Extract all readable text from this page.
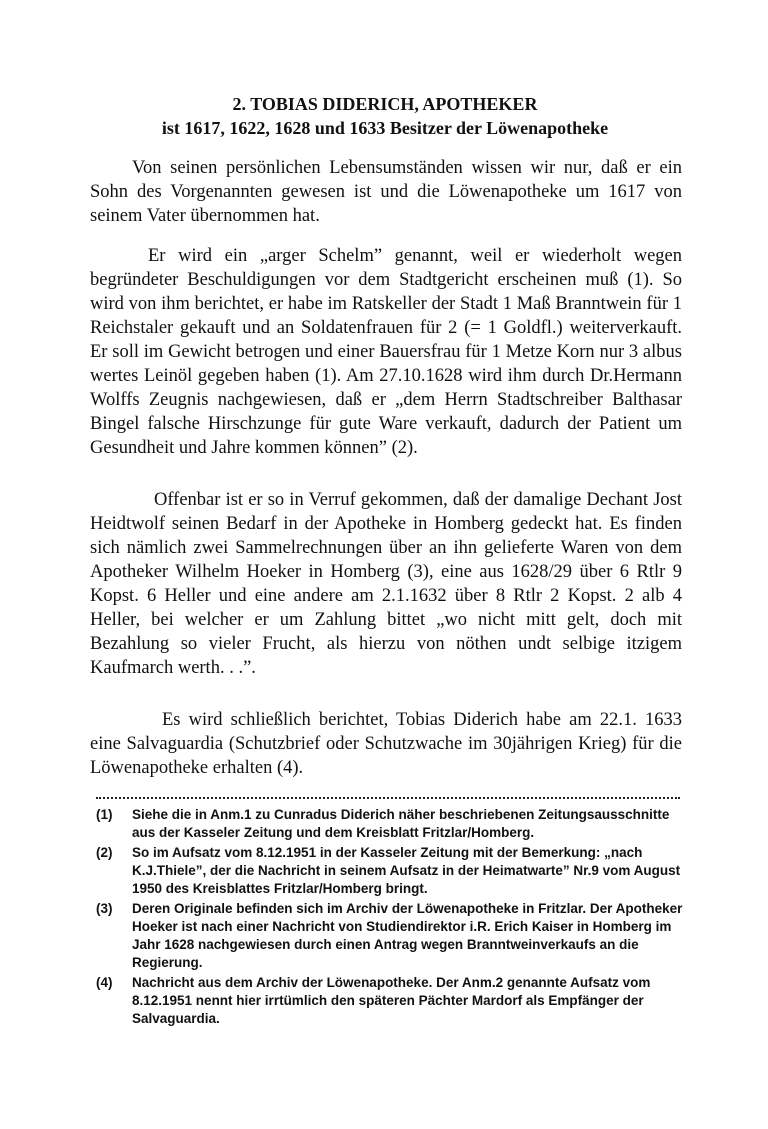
2. TOBIAS DIDERICH, APOTHEKER
ist 1617, 1622, 1628 und 1633 Besitzer der Löwenapotheke

Von seinen persönlichen Lebensumständen wissen wir nur, daß er ein Sohn des Vorgenannten gewesen ist und die Löwenapotheke um 1617 von seinem Vater übernommen hat.

Er wird ein „arger Schelm” genannt, weil er wiederholt wegen begründeter Beschuldigungen vor dem Stadtgericht erscheinen muß (1). So wird von ihm berichtet, er habe im Ratskeller der Stadt 1 Maß Branntwein für 1 Reichstaler gekauft und an Soldatenfrauen für 2 (= 1 Goldfl.) weiterverkauft. Er soll im Gewicht betrogen und einer Bauersfrau für 1 Metze Korn nur 3 albus wertes Leinöl gegeben haben (1). Am 27.10.1628 wird ihm durch Dr.Hermann Wolffs Zeugnis nachgewiesen, daß er „dem Herrn Stadtschreiber Balthasar Bingel falsche Hirschzunge für gute Ware verkauft, dadurch der Patient um Gesundheit und Jahre kommen können” (2).

Offenbar ist er so in Verruf gekommen, daß der damalige Dechant Jost Heidtwolf seinen Bedarf in der Apotheke in Homberg gedeckt hat. Es finden sich nämlich zwei Sammelrechnungen über an ihn gelieferte Waren von dem Apotheker Wilhelm Hoeker in Homberg (3), eine aus 1628/29 über 6 Rtlr 9 Kopst. 6 Heller und eine andere am 2.1.1632 über 8 Rtlr 2 Kopst. 2 alb 4 Heller, bei welcher er um Zahlung bittet „wo nicht mitt gelt, doch mit Bezahlung so vieler Frucht, als hierzu von nöthen undt selbige itzigem Kaufmarch werth. . .”.

Es wird schließlich berichtet, Tobias Diderich habe am 22.1. 1633 eine Salvaguardia (Schutzbrief oder Schutzwache im 30jährigen Krieg) für die Löwenapotheke erhalten (4).

(1)	Siehe die in Anm.1 zu Cunradus Diderich näher beschriebenen Zeitungsausschnitte aus der Kasseler Zeitung und dem Kreisblatt Fritzlar/Homberg.
(2)	So im Aufsatz vom 8.12.1951 in der Kasseler Zeitung mit der Bemerkung: „nach K.J.Thiele”, der die Nachricht in seinem Aufsatz in der Heimatwarte” Nr.9 vom August 1950 des Kreisblattes Fritzlar/Homberg bringt.
(3)	Deren Originale befinden sich im Archiv der Löwenapotheke in Fritzlar. Der Apotheker Hoeker ist nach einer Nachricht von Studiendirektor i.R. Erich Kaiser in Homberg im Jahr 1628 nachgewiesen durch einen Antrag wegen Branntweinverkaufs an die Regierung.
(4)	Nachricht aus dem Archiv der Löwenapotheke. Der Anm.2 genannte Aufsatz vom 8.12.1951 nennt hier irrtümlich den späteren Pächter Mardorf als Empfänger der Salvaguardia.
